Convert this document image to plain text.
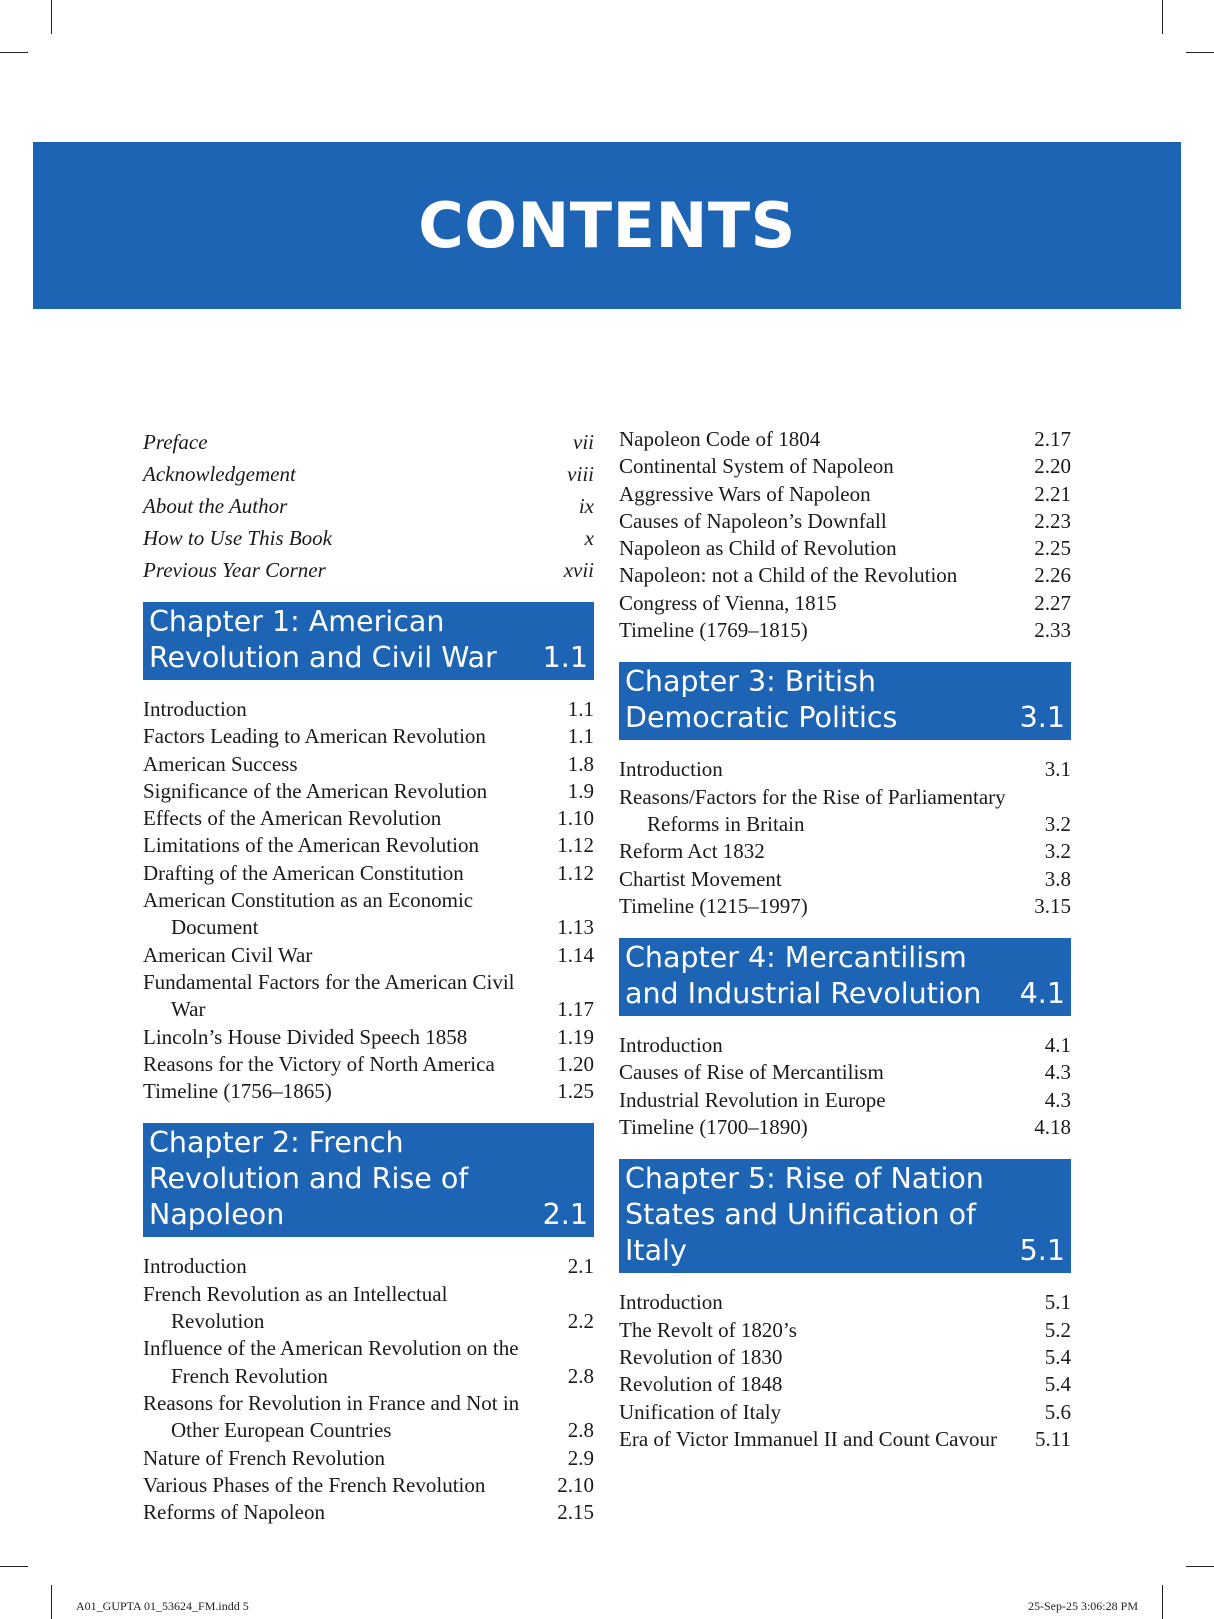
CONTENTS
Preface	vii
Acknowledgement	viii
About the Author	ix
How to Use This Book	x
Previous Year Corner	xvii
Chapter 1: American Revolution and Civil War	1.1
Introduction	1.1
Factors Leading to American Revolution	1.1
American Success	1.8
Significance of the American Revolution	1.9
Effects of the American Revolution	1.10
Limitations of the American Revolution	1.12
Drafting of the American Constitution	1.12
American Constitution as an Economic Document	1.13
American Civil War	1.14
Fundamental Factors for the American Civil War	1.17
Lincoln’s House Divided Speech 1858	1.19
Reasons for the Victory of North America	1.20
Timeline (1756–1865)	1.25
Chapter 2: French Revolution and Rise of Napoleon	2.1
Introduction	2.1
French Revolution as an Intellectual Revolution	2.2
Influence of the American Revolution on the French Revolution	2.8
Reasons for Revolution in France and Not in Other European Countries	2.8
Nature of French Revolution	2.9
Various Phases of the French Revolution	2.10
Reforms of Napoleon	2.15
Napoleon Code of 1804	2.17
Continental System of Napoleon	2.20
Aggressive Wars of Napoleon	2.21
Causes of Napoleon’s Downfall	2.23
Napoleon as Child of Revolution	2.25
Napoleon: not a Child of the Revolution	2.26
Congress of Vienna, 1815	2.27
Timeline (1769–1815)	2.33
Chapter 3: British Democratic Politics	3.1
Introduction	3.1
Reasons/Factors for the Rise of Parliamentary Reforms in Britain	3.2
Reform Act 1832	3.2
Chartist Movement	3.8
Timeline (1215–1997)	3.15
Chapter 4: Mercantilism and Industrial Revolution	4.1
Introduction	4.1
Causes of Rise of Mercantilism	4.3
Industrial Revolution in Europe	4.3
Timeline (1700–1890)	4.18
Chapter 5: Rise of Nation States and Unification of Italy	5.1
Introduction	5.1
The Revolt of 1820’s	5.2
Revolution of 1830	5.4
Revolution of 1848	5.4
Unification of Italy	5.6
Era of Victor Immanuel II and Count Cavour	5.11
A01_GUPTA 01_53624_FM.indd 5	25-Sep-25 3:06:28 PM
